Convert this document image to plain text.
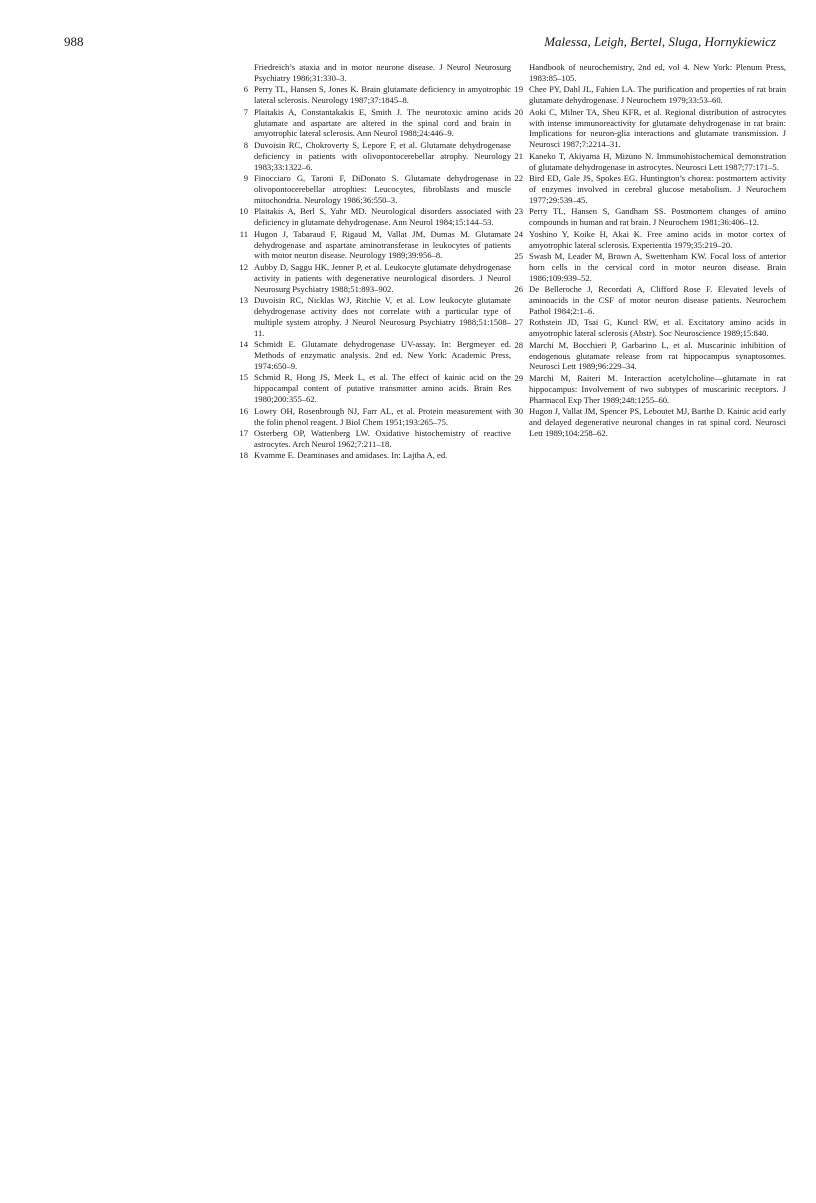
988	Malessa, Leigh, Bertel, Sluga, Hornykiewicz
Friedreich’s ataxia and in motor neurone disease. J Neurol Neurosurg Psychiatry 1986;31:330–3.
6 Perry TL, Hansen S, Jones K. Brain glutamate deficiency in amyotrophic lateral sclerosis. Neurology 1987;37:1845–8.
7 Plaitakis A, Constantakakis E, Smith J. The neurotoxic amino acids glutamate and aspartate are altered in the spinal cord and brain in amyotrophic lateral sclerosis. Ann Neurol 1988;24:446–9.
8 Duvoisin RC, Chokroverty S, Lepore F, et al. Glutamate dehydrogenase deficiency in patients with olivopontocerebellar atrophy. Neurology 1983;33:1322–6.
9 Finocciaro G, Taroni F, DiDonato S. Glutamate dehydrogenase in olivopontocerebellar atrophies: Leucocytes, fibroblasts and muscle mitochondria. Neurology 1986;36:550–3.
10 Plaitakis A, Berl S, Yahr MD. Neurological disorders associated with deficiency in glutamate dehydrogenase. Ann Neurol 1984;15:144–53.
11 Hugon J, Tabaraud F, Rigaud M, Vallat JM, Dumas M. Glutamate dehydrogenase and aspartate aminotransferase in leukocytes of patients with motor neuron disease. Neurology 1989;39:956–8.
12 Aubby D, Saggu HK, Jenner P, et al. Leukocyte glutamate dehydrogenase activity in patients with degenerative neurological disorders. J Neurol Neurosurg Psychiatry 1988;51:893–902.
13 Duvoisin RC, Nicklas WJ, Ritchie V, et al. Low leukocyte glutamate dehydrogenase activity does not correlate with a particular type of multiple system atrophy. J Neurol Neurosurg Psychiatry 1988;51:1508–11.
14 Schmidt E. Glutamate dehydrogenase UV-assay. In: Bergmeyer ed. Methods of enzymatic analysis. 2nd ed. New York: Academic Press, 1974:650–9.
15 Schmid R, Hong JS, Meek L, et al. The effect of kainic acid on the hippocampal content of putative transmitter amino acids. Brain Res 1980;200:355–62.
16 Lowry OH, Rosenbrough NJ, Farr AL, et al. Protein measurement with the folin phenol reagent. J Biol Chem 1951;193:265–75.
17 Osterberg OP, Wattenberg LW. Oxidative histochemistry of reactive astrocytes. Arch Neurol 1962;7:211–18.
18 Kvamme E. Deaminases and amidases. In: Lajtha A, ed.
Handbook of neurochemistry, 2nd ed, vol 4. New York: Plenum Press, 1983:85–105.
19 Chee PY, Dahl JL, Fahien LA. The purification and properties of rat brain glutamate dehydrogenase. J Neurochem 1979;33:53–60.
20 Aoki C, Milner TA, Sheu KFR, et al. Regional distribution of astrocytes with intense immunoreactivity for glutamate dehydrogenase in rat brain: Implications for neuron-glia interactions and glutamate transmission. J Neurosci 1987;7:2214–31.
21 Kaneko T, Akiyama H, Mizuno N. Immunohistochemical demonstration of glutamate dehydrogenase in astrocytes. Neurosci Lett 1987;77:171–5.
22 Bird ED, Gale JS, Spokes EG. Huntington’s chorea: postmortem activity of enzymes involved in cerebral glucose metabolism. J Neurochem 1977;29:539–45.
23 Perry TL, Hansen S, Gandham SS. Postmortem changes of amino compounds in human and rat brain. J Neurochem 1981;36:406–12.
24 Yoshino Y, Koike H, Akai K. Free amino acids in motor cortex of amyotrophic lateral sclerosis. Experientia 1979;35:219–20.
25 Swash M, Leader M, Brown A, Swettenham KW. Focal loss of anterior horn cells in the cervical cord in motor neuron disease. Brain 1986;109:939–52.
26 De Belleroche J, Recordati A, Clifford Rose F. Elevated levels of aminoacids in the CSF of motor neuron disease patients. Neurochem Pathol 1984;2:1–6.
27 Rothstein JD, Tsai G, Kuncl RW, et al. Excitatory amino acids in amyotrophic lateral sclerosis (Abstr). Soc Neuroscience 1989;15:840.
28 Marchi M, Bocchieri P, Garbarino L, et al. Muscarinic inhibition of endogenous glutamate release from rat hippocampus synaptosomes. Neurosci Lett 1989;96:229–34.
29 Marchi M, Raiteri M. Interaction acetylcholine—glutamate in rat hippocampus: Involvement of two subtypes of muscarinic receptors. J Pharmacol Exp Ther 1989;248:1255–60.
30 Hugon J, Vallat JM, Spencer PS, Leboutet MJ, Barthe D. Kainic acid early and delayed degenerative neuronal changes in rat spinal cord. Neurosci Lett 1989;104:258–62.
